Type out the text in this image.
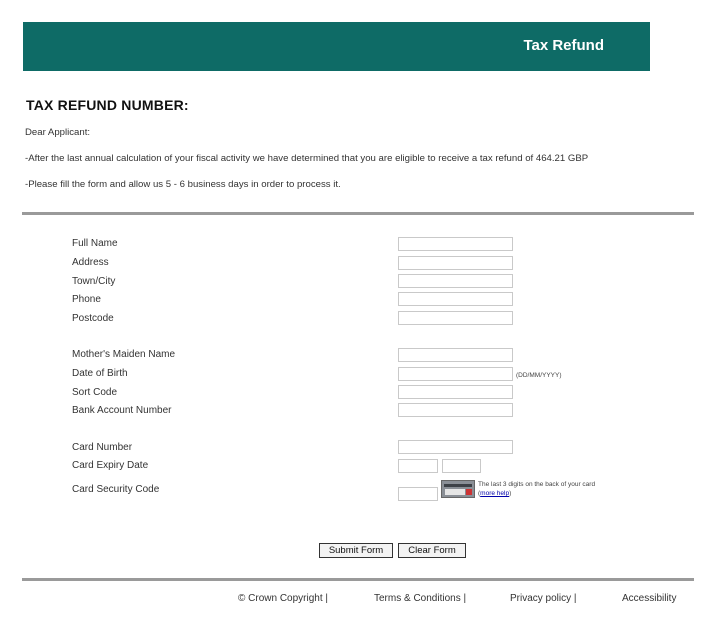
Tax Refund
TAX REFUND NUMBER:
Dear Applicant:
-After the last annual calculation of your fiscal activity we have determined that you are eligible to receive a tax refund of 464.21 GBP
-Please fill the form and allow us 5 - 6 business days in order to process it.
Full Name
Address
Town/City
Phone
Postcode
Mother's Maiden Name
Date of Birth	(DD/MM/YYYY)
Sort Code
Bank Account Number
Card Number
Card Expiry Date
Card Security Code	The last 3 digits on the back of your card (more help)
Submit Form	Clear Form
© Crown Copyright |	Terms & Conditions |	Privacy policy |	Accessibility
